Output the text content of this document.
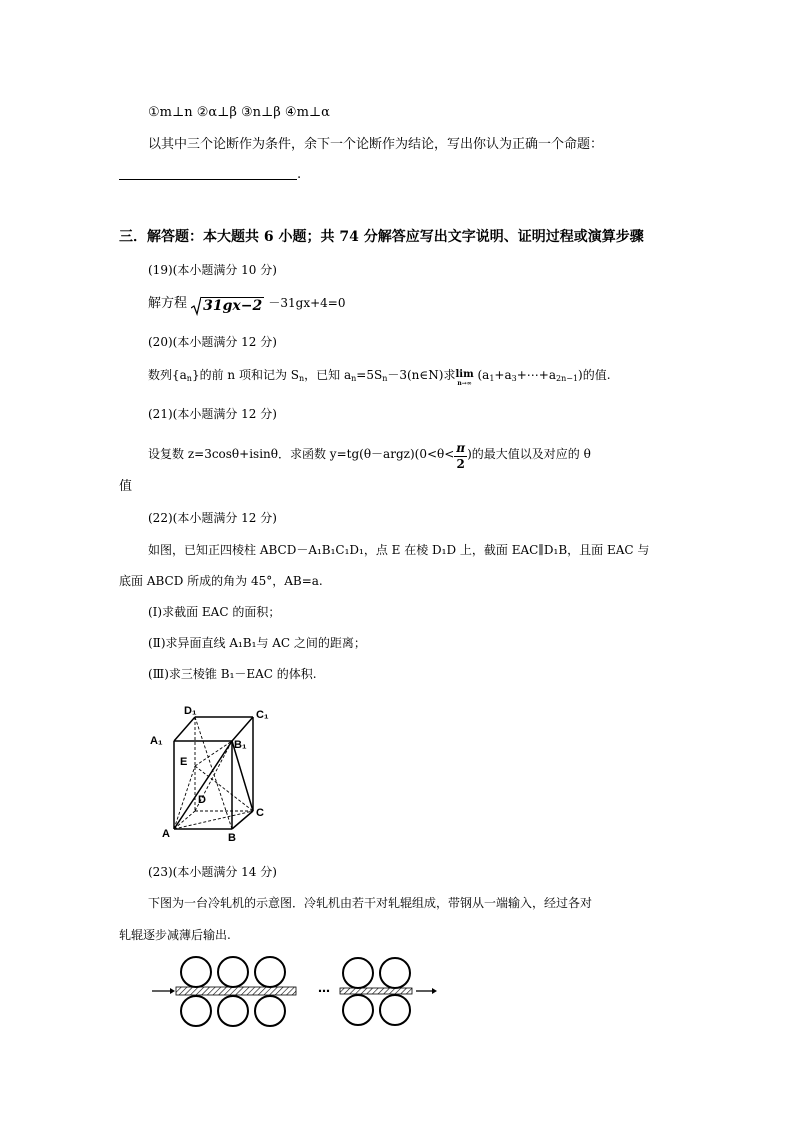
①m⊥n ②α⊥β ③n⊥β ④m⊥α
以其中三个论断作为条件，余下一个论断作为结论，写出你认为正确一个命题：
.
三．解答题：本大题共 6 小题；共 74 分解答应写出文字说明、证明过程或演算步骤
(19)(本小题满分 10 分)
解方程 31gx−2 －31gx+4=0
(20)(本小题满分 12 分)
数列$\{a_n\}$的前 n 项和记为 $S_n$，已知 $a_n=5S_n-3(n\in N)$求 lim
n→∞
$(a_1+a_3+\cdots+a_{2n-1})$的值.
(21)(本小题满分 12 分)
设复数 z=3cosθ+isinθ．求函数 y=tg(θ－argz)(0<θ< $\frac{\pi}{2}$ )的最大值以及对应的 θ
值
(22)(本小题满分 12 分)
如图，已知正四棱柱 ABCD－A₁B₁C₁D₁，点 E 在棱 D₁D 上，截面 EAC∥D₁B，且面 EAC 与
底面 ABCD 所成的角为 45°，AB=a.
(Ⅰ)求截面 EAC 的面积；
(Ⅱ)求异面直线 A₁B₁与 AC 之间的距离；
(Ⅲ)求三棱锥 B₁－EAC 的体积.
D₁	C₁
A₁	B₁
E
D
C
A	B
(23)(本小题满分 14 分)
下图为一台冷轧机的示意图．冷轧机由若干对轧辊组成，带钢从一端输入，经过各对
轧辊逐步减薄后输出.
⋯
